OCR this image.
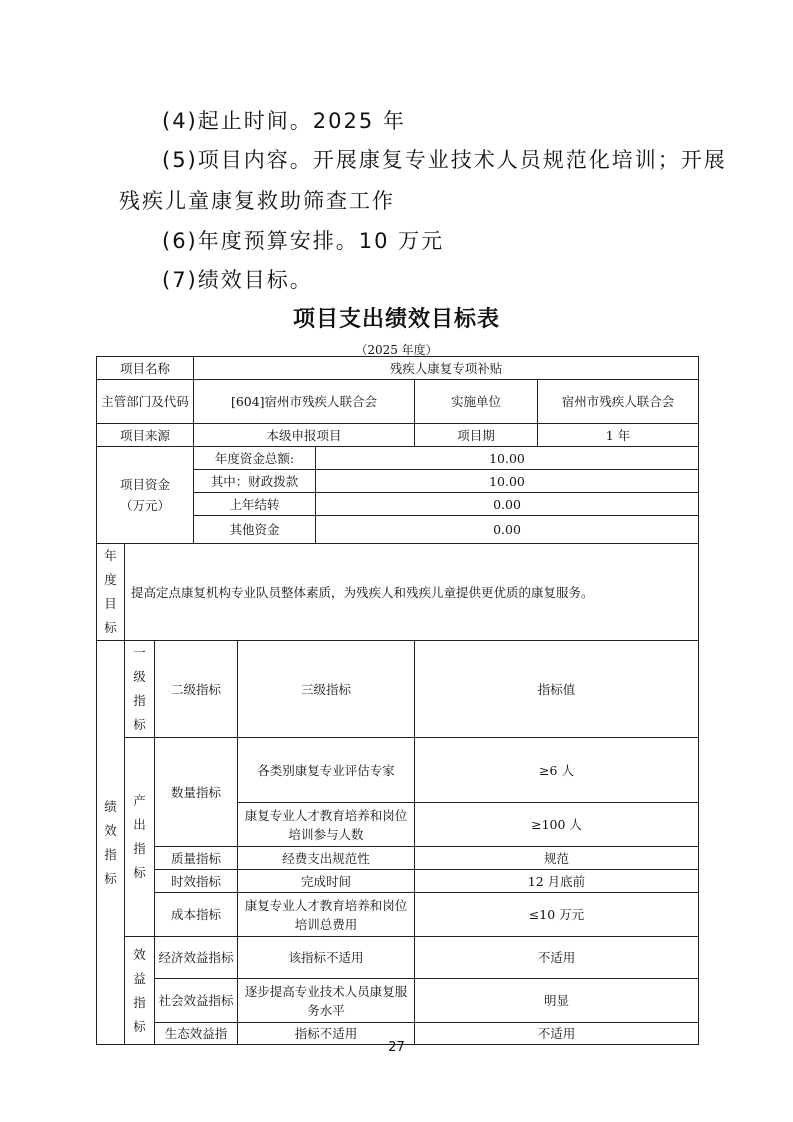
(4)起止时间。2025 年
(5)项目内容。开展康复专业技术人员规范化培训；开展
残疾儿童康复救助筛查工作
(6)年度预算安排。10 万元
(7)绩效目标。
项目支出绩效目标表
（2025 年度）

项目名称			残疾人康复专项补贴					
主管部门及代码			[604]宿州市残疾人联合会			实施单位		宿州市残疾人联合会
项目来源			本级申报项目			项目期		1 年
项目资金（万元）			年度资金总额:		10.00			
			其中：财政拨款		10.00			
			上年结转		0.00			
			其他资金		0.00			
年度目标	提高定点康复机构专业队员整体素质，为残疾人和残疾儿童提供更优质的康复服务。							
绩效指标	一级指标	二级指标		三级指标		指标值		
	产出指标	数量指标		各类别康复专业评估专家		≥6 人		
				康复专业人才教育培养和岗位培训参与人数		≥100 人		
		质量指标		经费支出规范性		规范		
		时效指标		完成时间		12 月底前		
		成本指标		康复专业人才教育培养和岗位培训总费用		≤10 万元		
	效益指标	经济效益指标		该指标不适用		不适用		
		社会效益指标		逐步提高专业技术人员康复服务水平		明显		
		生态效益指		指标不适用		不适用		
27
